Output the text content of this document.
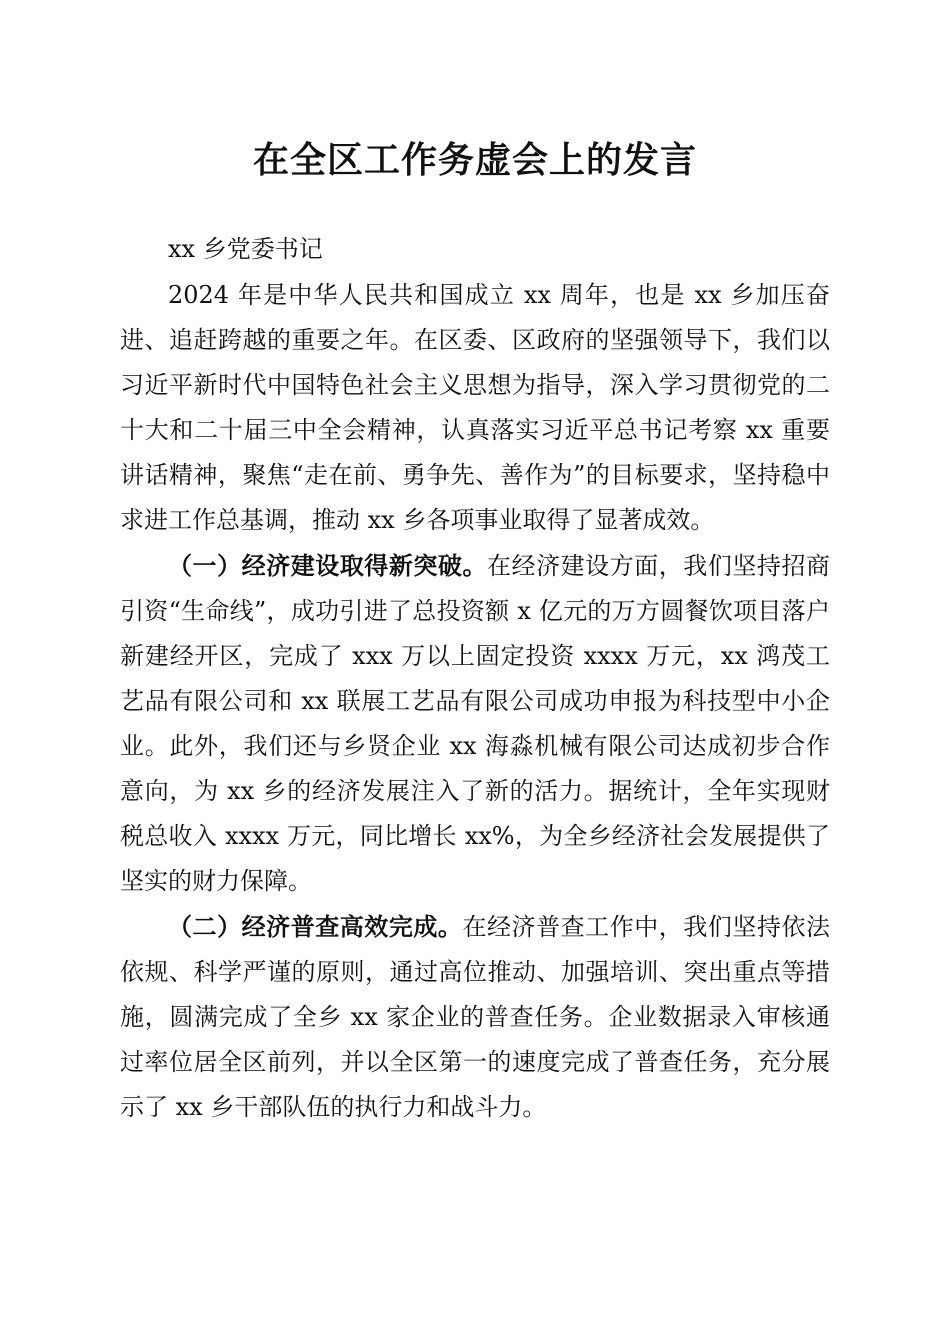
在全区工作务虚会上的发言

xx 乡党委书记

2024 年是中华人民共和国成立 xx 周年，也是 xx 乡加压奋进、追赶跨越的重要之年。在区委、区政府的坚强领导下，我们以习近平新时代中国特色社会主义思想为指导，深入学习贯彻党的二十大和二十届三中全会精神，认真落实习近平总书记考察 xx 重要讲话精神，聚焦“走在前、勇争先、善作为”的目标要求，坚持稳中求进工作总基调，推动 xx 乡各项事业取得了显著成效。

（一）经济建设取得新突破。在经济建设方面，我们坚持招商引资“生命线”，成功引进了总投资额 x 亿元的万方圆餐饮项目落户新建经开区，完成了 xxx 万以上固定投资 xxxx 万元，xx 鸿茂工艺品有限公司和 xx 联展工艺品有限公司成功申报为科技型中小企业。此外，我们还与乡贤企业 xx 海淼机械有限公司达成初步合作意向，为 xx 乡的经济发展注入了新的活力。据统计，全年实现财税总收入 xxxx 万元，同比增长 xx%，为全乡经济社会发展提供了坚实的财力保障。

（二）经济普查高效完成。在经济普查工作中，我们坚持依法依规、科学严谨的原则，通过高位推动、加强培训、突出重点等措施，圆满完成了全乡 xx 家企业的普查任务。企业数据录入审核通过率位居全区前列，并以全区第一的速度完成了普查任务，充分展示了 xx 乡干部队伍的执行力和战斗力。
